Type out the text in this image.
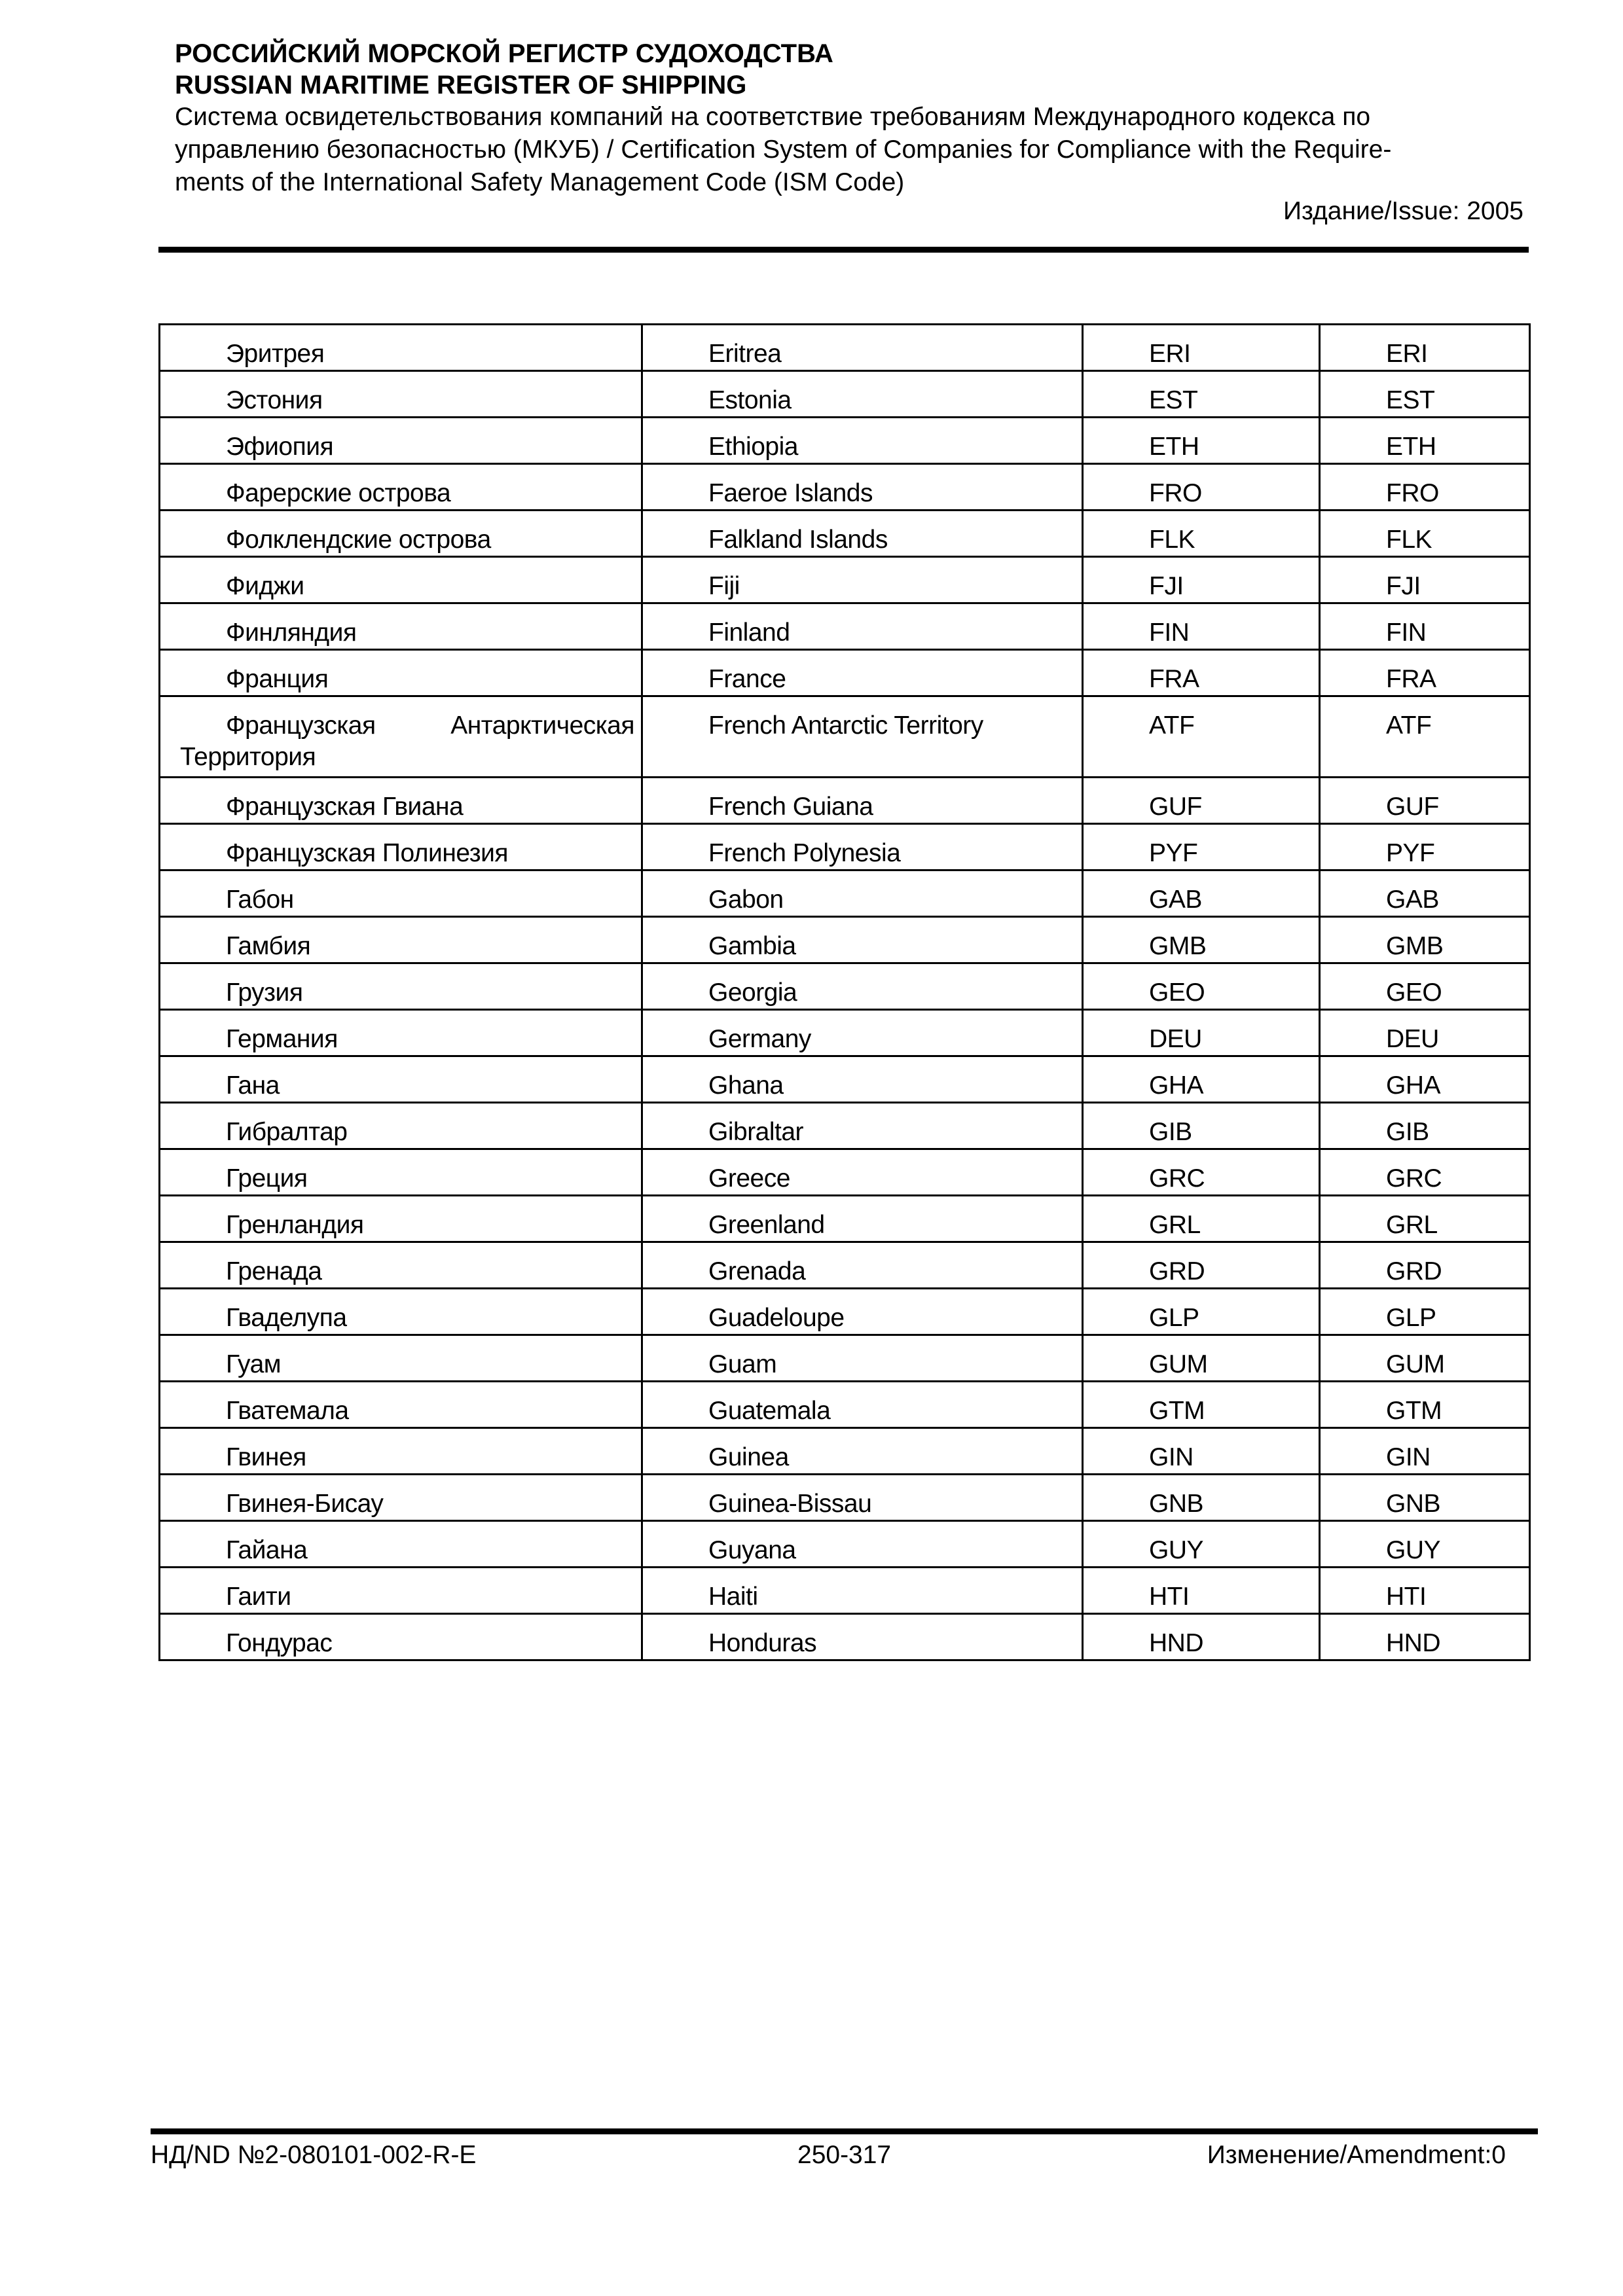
РОССИЙСКИЙ МОРСКОЙ РЕГИСТР СУДОХОДСТВА

RUSSIAN MARITIME REGISTER OF SHIPPING

Система освидетельствования компаний на соответствие требованиям Международного кодекса по

управлению безопасностью (МКУБ) / Certification System of Companies for Compliance with the Require-

ments of the International Safety Management Code (ISM Code)

Издание/Issue: 2005
Эритрея	Eritrea	ERI	ERI
Эстония	Estonia	EST	EST
Эфиопия	Ethiopia	ETH	ETH
Фарерские острова	Faeroe Islands	FRO	FRO
Фолклендские острова	Falkland Islands	FLK	FLK
Фиджи	Fiji	FJI	FJI
Финляндия	Finland	FIN	FIN
Франция	France	FRA	FRA

Французская Антарктическая
Территория	French Antarctic Territory	ATF	ATF
Французская Гвиана	French Guiana	GUF	GUF
Французская Полинезия	French Polynesia	PYF	PYF
Габон	Gabon	GAB	GAB
Гамбия	Gambia	GMB	GMB
Грузия	Georgia	GEO	GEO
Германия	Germany	DEU	DEU
Гана	Ghana	GHA	GHA
Гибралтар	Gibraltar	GIB	GIB
Греция	Greece	GRC	GRC
Гренландия	Greenland	GRL	GRL
Гренада	Grenada	GRD	GRD
Гваделупа	Guadeloupe	GLP	GLP
Гуам	Guam	GUM	GUM
Гватемала	Guatemala	GTM	GTM
Гвинея	Guinea	GIN	GIN
Гвинея-Бисау	Guinea-Bissau	GNB	GNB
Гайана	Guyana	GUY	GUY
Гаити	Haiti	HTI	HTI
Гондурас	Honduras	HND	HND
НД/ND №2-080101-002-R-E	250-317	Изменение/Amendment:0
